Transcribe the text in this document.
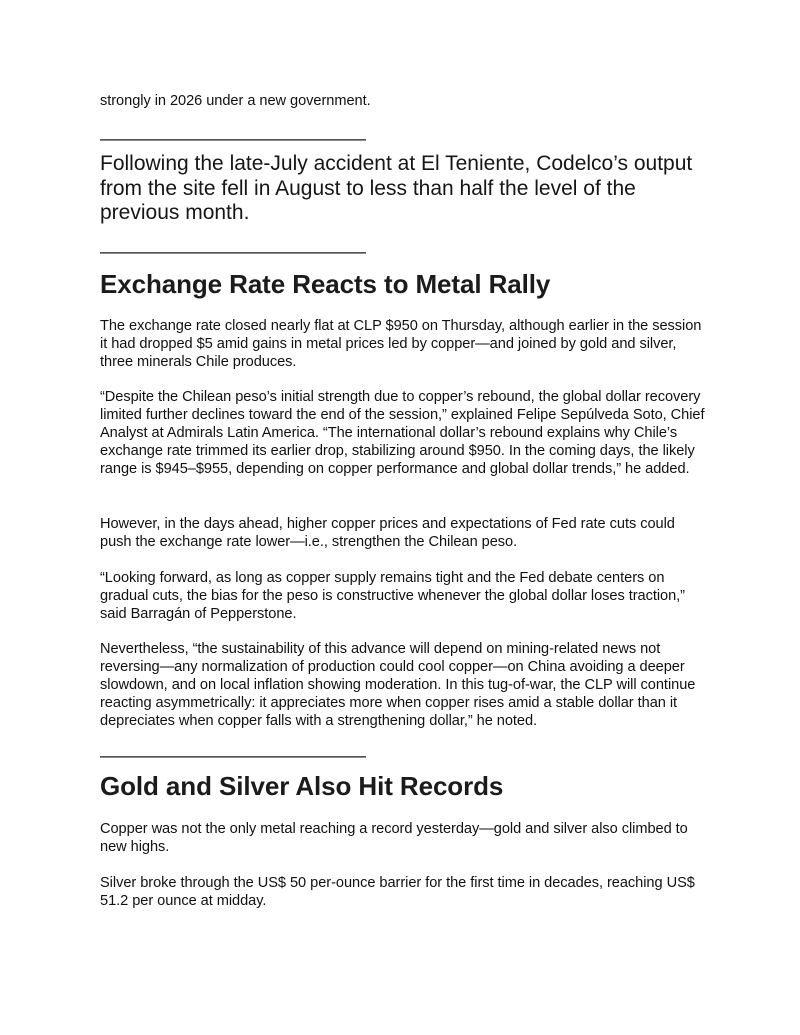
strongly in 2026 under a new government.

——————————————

Following the late-July accident at El Teniente, Codelco’s output from the site fell in August to less than half the level of the previous month.

——————————————

Exchange Rate Reacts to Metal Rally

The exchange rate closed nearly flat at CLP $950 on Thursday, although earlier in the session it had dropped $5 amid gains in metal prices led by copper—and joined by gold and silver, three minerals Chile produces.

“Despite the Chilean peso’s initial strength due to copper’s rebound, the global dollar recovery limited further declines toward the end of the session,” explained Felipe Sepúlveda Soto, Chief Analyst at Admirals Latin America. “The international dollar’s rebound explains why Chile’s exchange rate trimmed its earlier drop, stabilizing around $950. In the coming days, the likely range is $945–$955, depending on copper performance and global dollar trends,” he added.

However, in the days ahead, higher copper prices and expectations of Fed rate cuts could push the exchange rate lower—i.e., strengthen the Chilean peso.

“Looking forward, as long as copper supply remains tight and the Fed debate centers on gradual cuts, the bias for the peso is constructive whenever the global dollar loses traction,” said Barragán of Pepperstone.

Nevertheless, “the sustainability of this advance will depend on mining-related news not reversing—any normalization of production could cool copper—on China avoiding a deeper slowdown, and on local inflation showing moderation. In this tug-of-war, the CLP will continue reacting asymmetrically: it appreciates more when copper rises amid a stable dollar than it depreciates when copper falls with a strengthening dollar,” he noted.

——————————————

Gold and Silver Also Hit Records

Copper was not the only metal reaching a record yesterday—gold and silver also climbed to new highs.

Silver broke through the US$ 50 per-ounce barrier for the first time in decades, reaching US$ 51.2 per ounce at midday.
